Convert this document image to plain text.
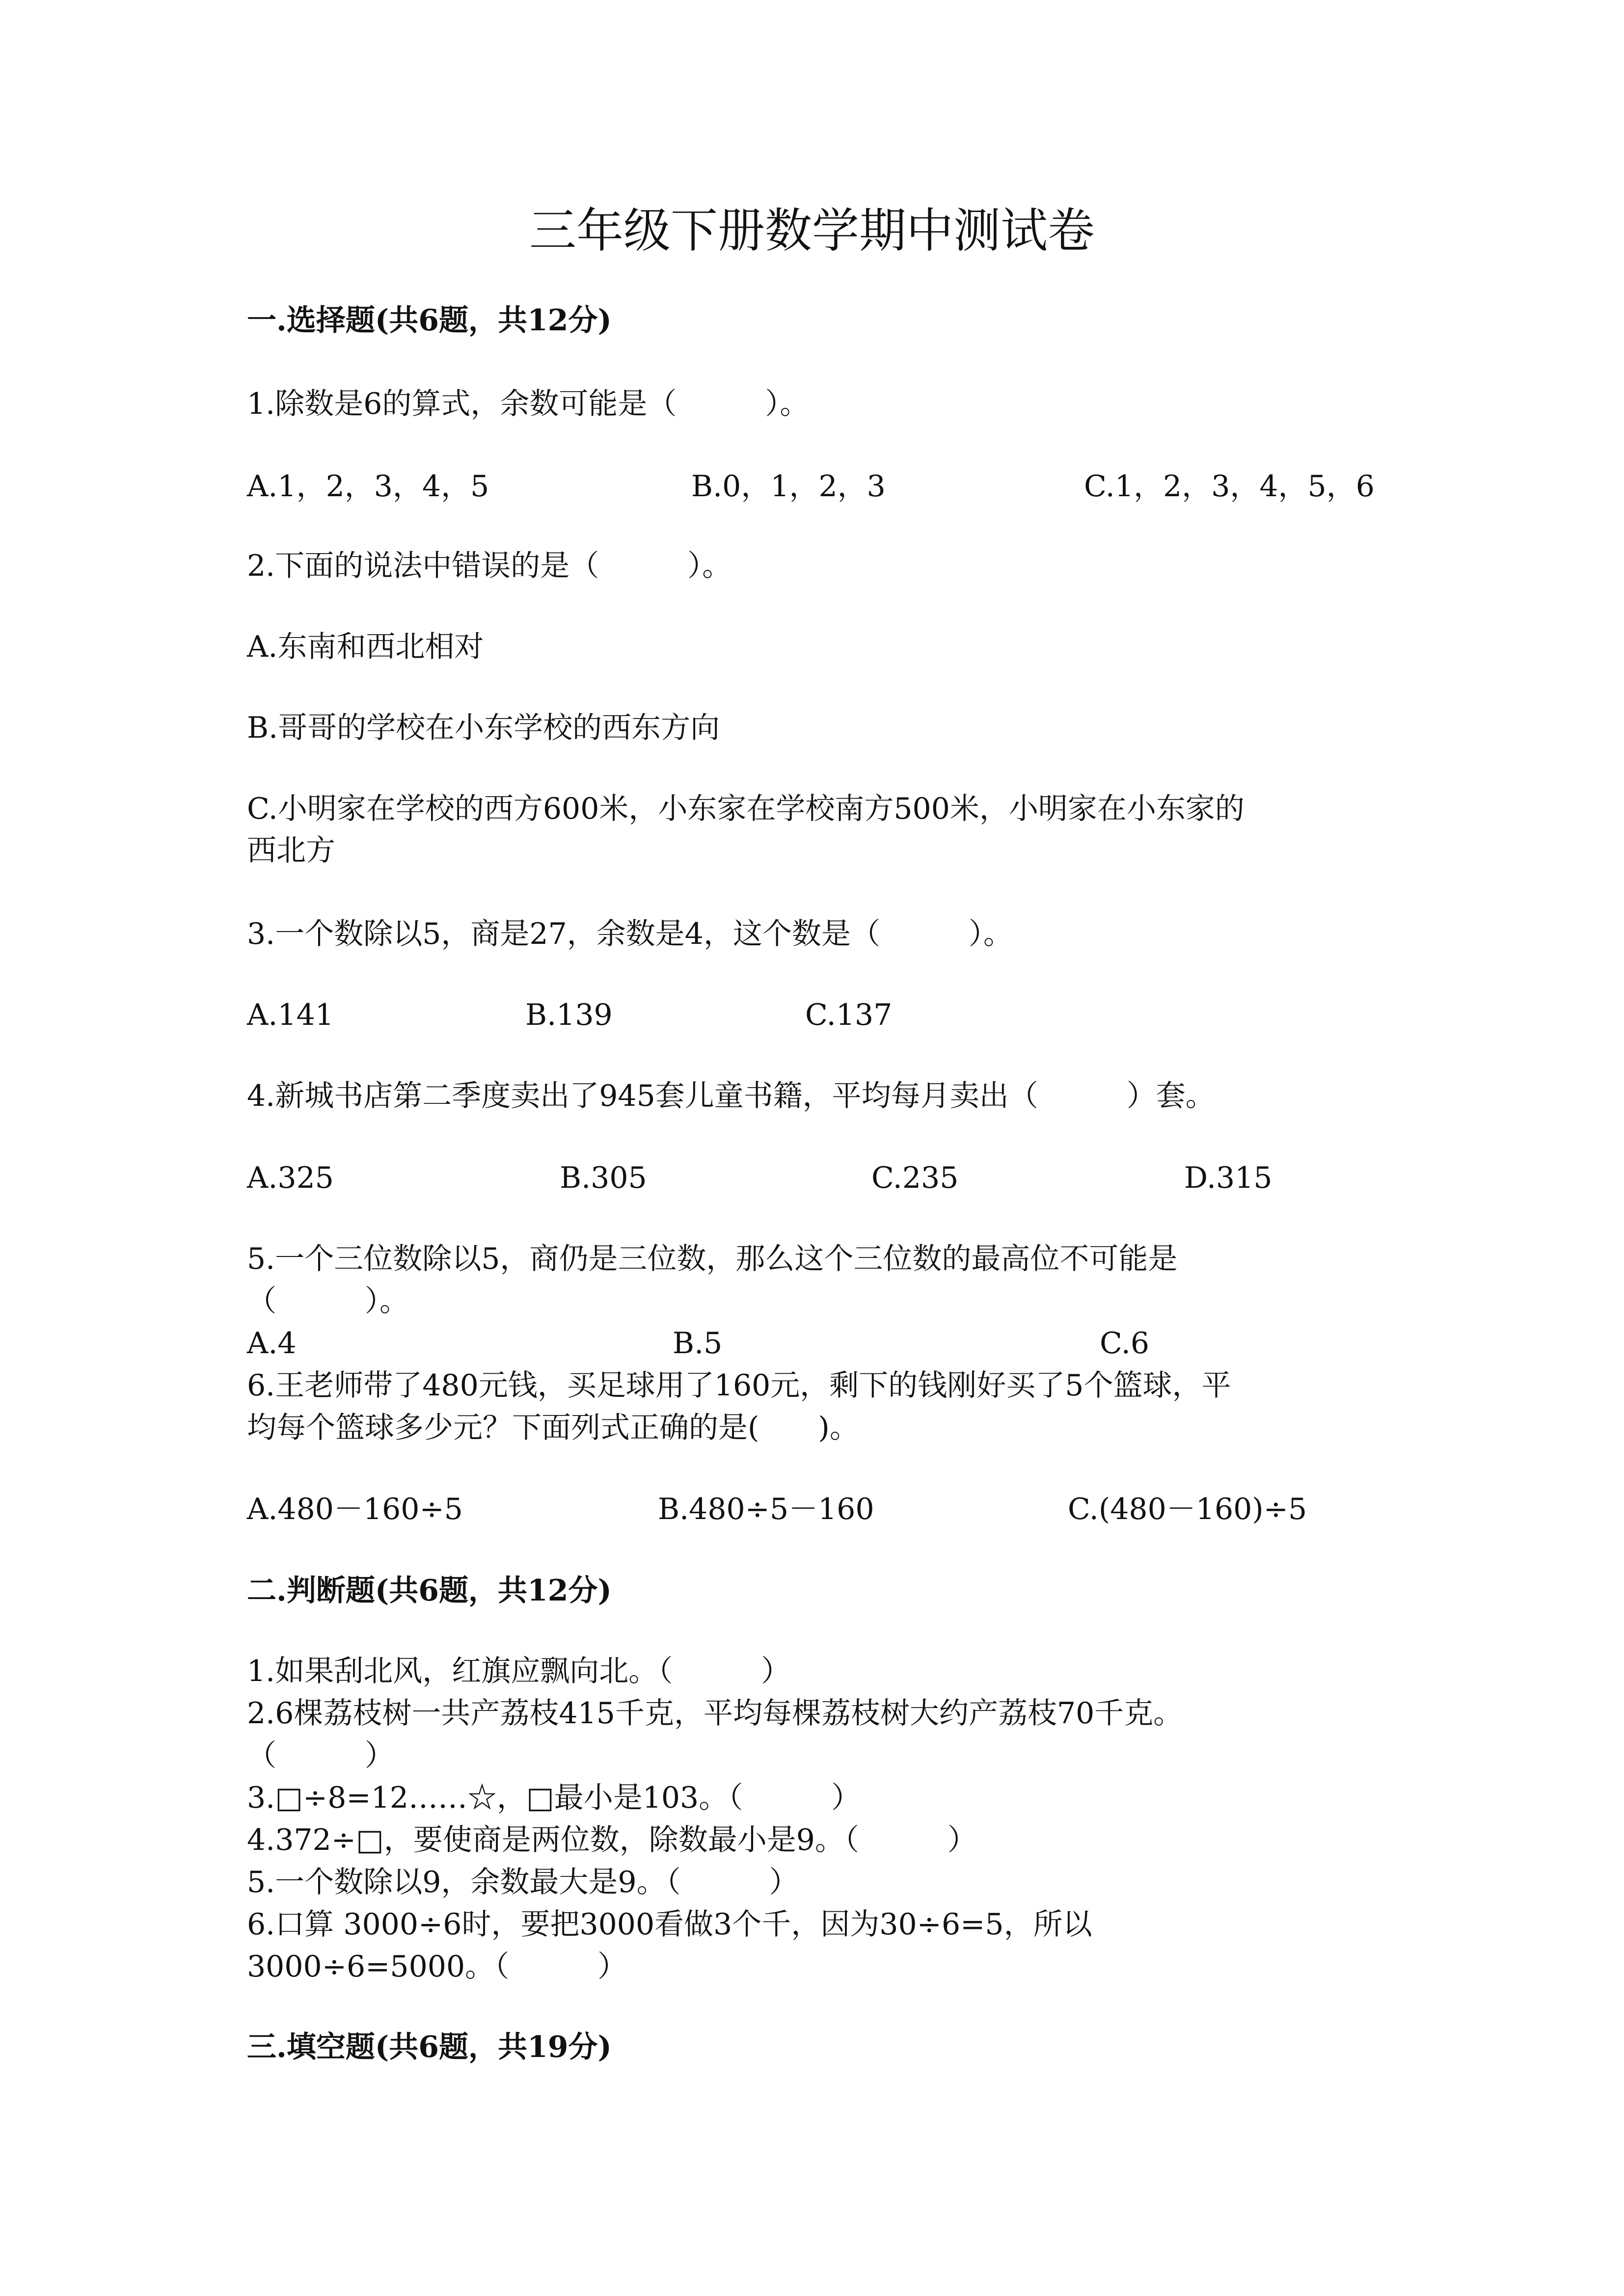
三年级下册数学期中测试卷
一.选择题(共6题，共12分)
1.除数是6的算式，余数可能是（　　　）。
A.1，2，3，4，5	B.0，1，2，3	C.1，2，3，4，5，6
2.下面的说法中错误的是（　　　）。
A.东南和西北相对
B.哥哥的学校在小东学校的西东方向
C.小明家在学校的西方600米，小东家在学校南方500米，小明家在小东家的
西北方
3.一个数除以5，商是27，余数是4，这个数是（　　　）。
A.141	B.139	C.137
4.新城书店第二季度卖出了945套儿童书籍，平均每月卖出（　　　）套。
A.325	B.305	C.235	D.315
5.一个三位数除以5，商仍是三位数，那么这个三位数的最高位不可能是
（　　　）。
A.4	B.5	C.6
6.王老师带了480元钱，买足球用了160元，剩下的钱刚好买了5个篮球，平
均每个篮球多少元？下面列式正确的是(　　)。
A.480－160÷5	B.480÷5－160	C.(480－160)÷5
二.判断题(共6题，共12分)
1.如果刮北风，红旗应飘向北。（　　　）
2.6棵荔枝树一共产荔枝415千克，平均每棵荔枝树大约产荔枝70千克。
（　　　）
3.□÷8=12……☆，□最小是103。（　　　）
4.372÷□，要使商是两位数，除数最小是9。（　　　）
5.一个数除以9，余数最大是9。（　　　）
6.口算 3000÷6时，要把3000看做3个千，因为30÷6=5，所以
3000÷6=5000。（　　　）
三.填空题(共6题，共19分)
